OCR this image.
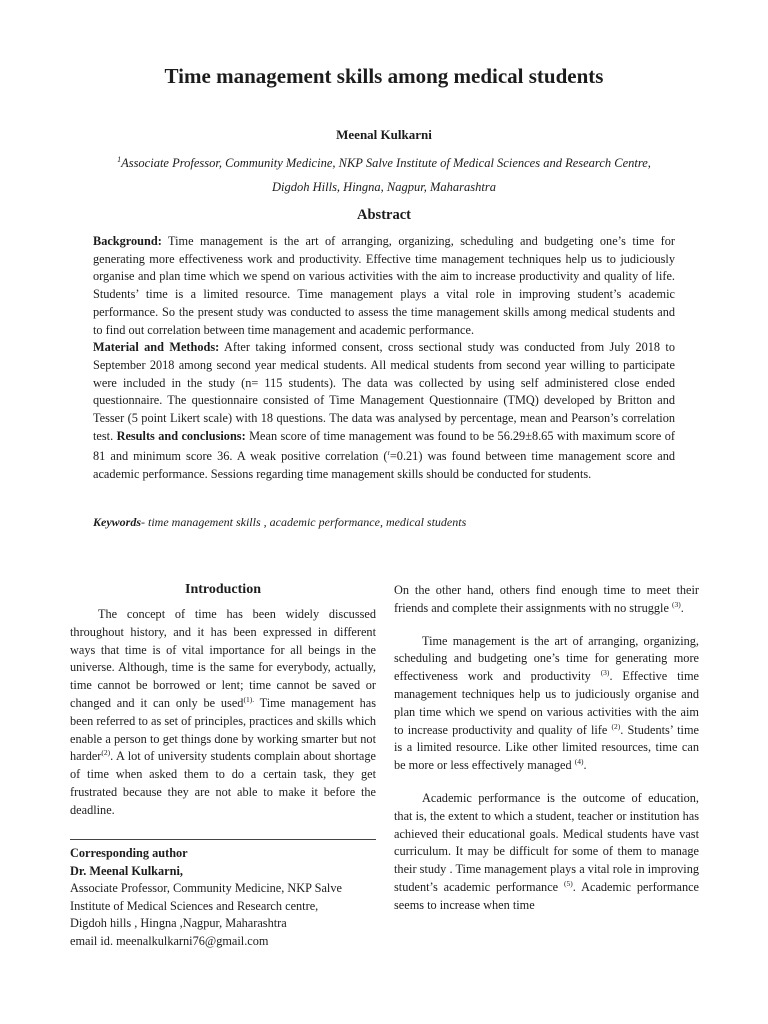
Time management skills among medical students

Meenal Kulkarni

$^1$Associate Professor, Community Medicine, NKP Salve Institute of Medical Sciences and Research Centre,
Digdoh Hills, Hingna, Nagpur, Maharashtra

Abstract

Background: Time management is the art of arranging, organizing, scheduling and budgeting one’s time for generating more effectiveness work and productivity. Effective time management techniques help us to judiciously organise and plan time which we spend on various activities with the aim to increase productivity and quality of life. Students’ time is a limited resource. Time management plays a vital role in improving student’s academic performance. So the present study was conducted to assess the time management skills among medical students and to find out correlation between time management and academic performance.
Material and Methods: After taking informed consent, cross sectional study was conducted from July 2018 to September 2018 among second year medical students. All medical students from second year willing to participate were included in the study (n= 115 students). The data was collected by using self administered close ended questionnaire. The questionnaire consisted of Time Management Questionnaire (TMQ) developed by Britton and Tesser (5 point Likert scale) with 18 questions. The data was analysed by percentage, mean and Pearson’s correlation test. Results and conclusions: Mean score of time management was found to be 56.29±8.65 with maximum score of 81 and minimum score 36. A weak positive correlation ($^r$=0.21) was found between time management score and academic performance. Sessions regarding time management skills should be conducted for students.

Keywords- time management skills , academic performance, medical students

Introduction

The concept of time has been widely discussed throughout history, and it has been expressed in different ways that time is of vital importance for all beings in the universe. Although, time is the same for everybody, actually, time cannot be borrowed or lent; time cannot be saved or changed and it can only be used$^{(1).}$ Time management has been referred to as set of principles, practices and skills which enable a person to get things done by working smarter but not harder$^{(2)}$. A lot of university students complain about shortage of time when asked them to do a certain task, they get frustrated because they are not able to make it before the deadline.

Corresponding author
Dr. Meenal Kulkarni,
Associate Professor, Community Medicine, NKP Salve
Institute of Medical Sciences and Research centre,
Digdoh hills , Hingna ,Nagpur, Maharashtra
email id. meenalkulkarni76@gmail.com

On the other hand, others find enough time to meet their friends and complete their assignments with no struggle $^{(3)}$.

Time management is the art of arranging, organizing, scheduling and budgeting one’s time for generating more effectiveness work and productivity $^{(3)}$. Effective time management techniques help us to judiciously organise and plan time which we spend on various activities with the aim to increase productivity and quality of life $^{(2)}$. Students’ time is a limited resource. Like other limited resources, time can be more or less effectively managed $^{(4)}$.

Academic performance is the outcome of education, that is, the extent to which a student, teacher or institution has achieved their educational goals. Medical students have vast curriculum. It may be difficult for some of them to manage their study . Time management plays a vital role in improving student’s academic performance $^{(5)}$. Academic performance seems to increase when time
